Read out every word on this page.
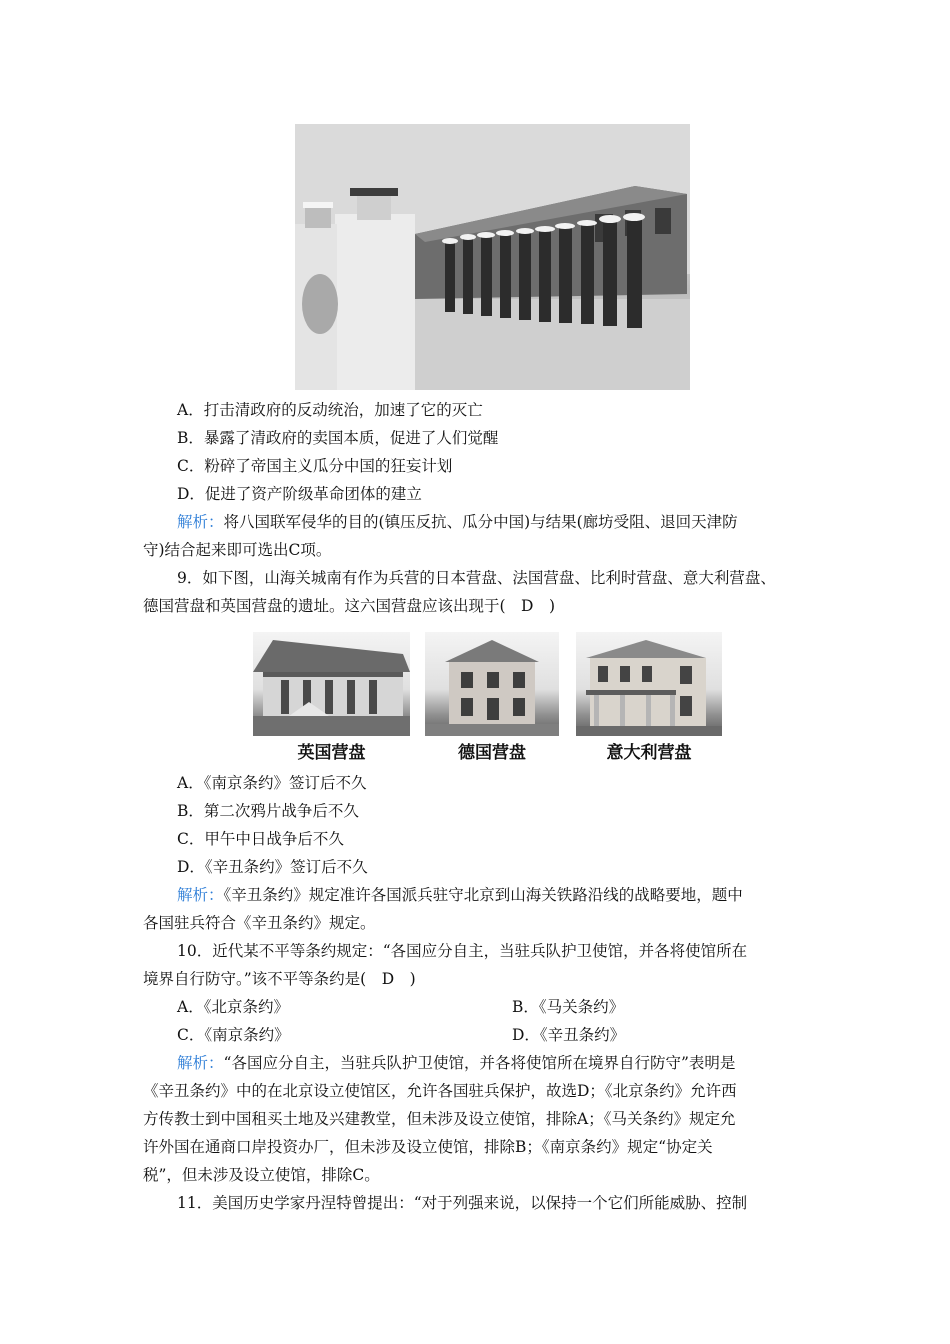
A．打击清政府的反动统治，加速了它的灭亡
B．暴露了清政府的卖国本质，促进了人们觉醒
C．粉碎了帝国主义瓜分中国的狂妄计划
D．促进了资产阶级革命团体的建立
解析：将八国联军侵华的目的(镇压反抗、瓜分中国)与结果(廊坊受阻、退回天津防
守)结合起来即可选出C项。
9．如下图，山海关城南有作为兵营的日本营盘、法国营盘、比利时营盘、意大利营盘、
德国营盘和英国营盘的遗址。这六国营盘应该出现于(　D　)
英国营盘	德国营盘	意大利营盘
A．《南京条约》签订后不久
B．第二次鸦片战争后不久
C．甲午中日战争后不久
D．《辛丑条约》签订后不久
解析：《辛丑条约》规定准许各国派兵驻守北京到山海关铁路沿线的战略要地，题中
各国驻兵符合《辛丑条约》规定。
10．近代某不平等条约规定：“各国应分自主，当驻兵队护卫使馆，并各将使馆所在
境界自行防守。”该不平等条约是(　D　)
A．《北京条约》	B．《马关条约》
C．《南京条约》	D．《辛丑条约》
解析：“各国应分自主，当驻兵队护卫使馆，并各将使馆所在境界自行防守”表明是
《辛丑条约》中的在北京设立使馆区，允许各国驻兵保护，故选D；《北京条约》允许西
方传教士到中国租买土地及兴建教堂，但未涉及设立使馆，排除A；《马关条约》规定允
许外国在通商口岸投资办厂，但未涉及设立使馆，排除B；《南京条约》规定“协定关
税”，但未涉及设立使馆，排除C。
11．美国历史学家丹涅特曾提出：“对于列强来说，以保持一个它们所能威胁、控制
